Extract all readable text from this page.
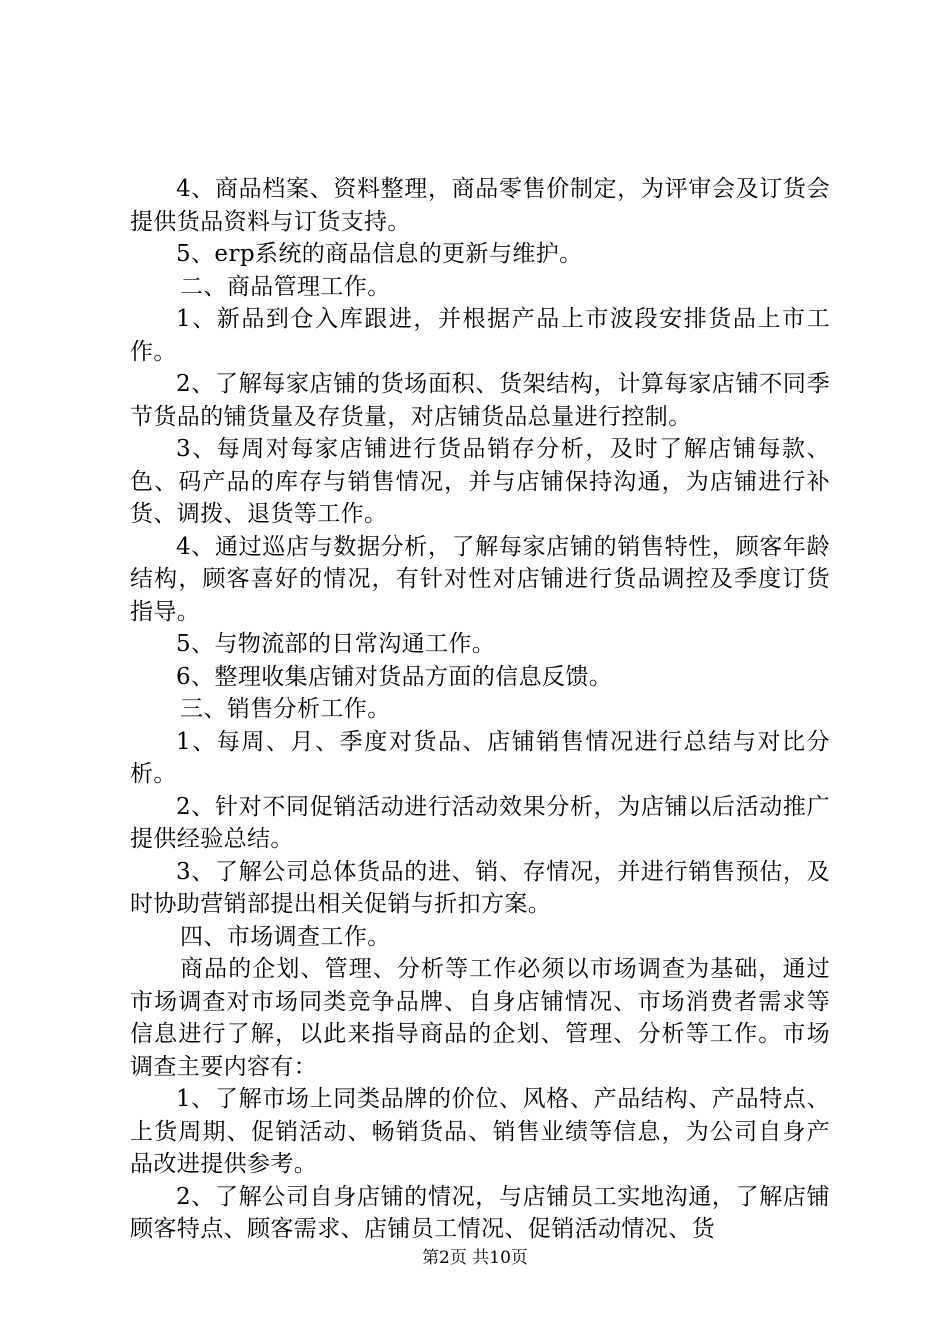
4、商品档案、资料整理，商品零售价制定，为评审会及订货会提供货品资料与订货支持。

5、erp系统的商品信息的更新与维护。

二、商品管理工作。

1、新品到仓入库跟进，并根据产品上市波段安排货品上市工作。

2、了解每家店铺的货场面积、货架结构，计算每家店铺不同季节货品的铺货量及存货量，对店铺货品总量进行控制。

3、每周对每家店铺进行货品销存分析，及时了解店铺每款、色、码产品的库存与销售情况，并与店铺保持沟通，为店铺进行补货、调拨、退货等工作。

4、通过巡店与数据分析，了解每家店铺的销售特性，顾客年龄结构，顾客喜好的情况，有针对性对店铺进行货品调控及季度订货指导。

5、与物流部的日常沟通工作。

6、整理收集店铺对货品方面的信息反馈。

三、销售分析工作。

1、每周、月、季度对货品、店铺销售情况进行总结与对比分析。

2、针对不同促销活动进行活动效果分析，为店铺以后活动推广提供经验总结。

3、了解公司总体货品的进、销、存情况，并进行销售预估，及时协助营销部提出相关促销与折扣方案。

四、市场调查工作。

商品的企划、管理、分析等工作必须以市场调查为基础，通过市场调查对市场同类竞争品牌、自身店铺情况、市场消费者需求等信息进行了解，以此来指导商品的企划、管理、分析等工作。市场调查主要内容有：

1、了解市场上同类品牌的价位、风格、产品结构、产品特点、上货周期、促销活动、畅销货品、销售业绩等信息，为公司自身产品改进提供参考。

2、了解公司自身店铺的情况，与店铺员工实地沟通，了解店铺顾客特点、顾客需求、店铺员工情况、促销活动情况、货

第2页 共10页
